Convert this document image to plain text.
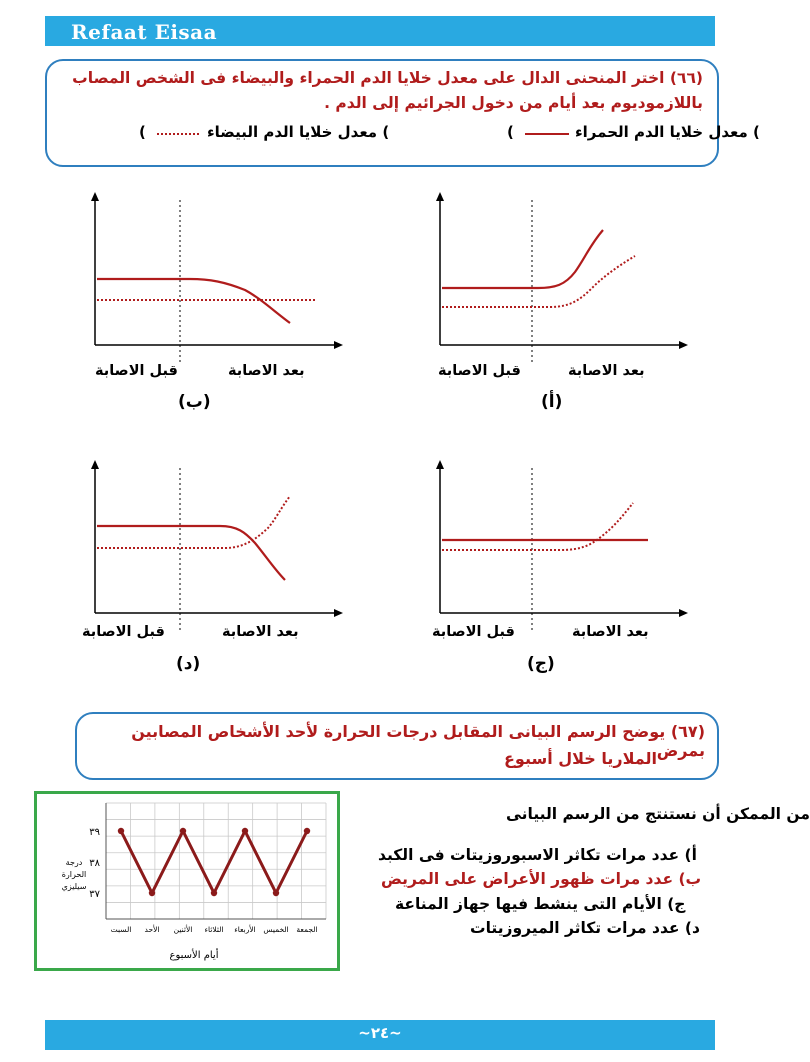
Refaat Eisaa
(٦٦) اختر المنحنى الدال على معدل خلايا الدم الحمراء والبيضاء فى الشخص المصاب
باللازموديوم بعد أيام من دخول الجرائيم إلى الدم .
(	) معدل خلايا الدم الحمراء
(	) معدل خلايا الدم البيضاء
قبل الاصابة	بعد الاصابة
(أ)
قبل الاصابة	بعد الاصابة
(ب)
قبل الاصابة	بعد الاصابة
(ج)
قبل الاصابة	بعد الاصابة
(د)
(٦٧) يوضح الرسم البيانى المقابل درجات الحرارة لأحد الأشخاص المصابين بمرض
الملاريا خلال أسبوع
٣٧
٣٨
٣٩
السبت الأحد الأثنين الثلاثاء الأربعاء الخميس الجمعة
درجة
الحرارة
سيليزي
أيام الأسبوع
من الممكن أن نستنتج من الرسم البيانى
أ) عدد مرات تكاثر الاسبوروزيتات فى الكبد
ب) عدد مرات ظهور الأعراض على المريض
ج) الأيام التى ينشط فيها جهاز المناعة
د) عدد مرات تكاثر الميروزيتات
~٢٤~
